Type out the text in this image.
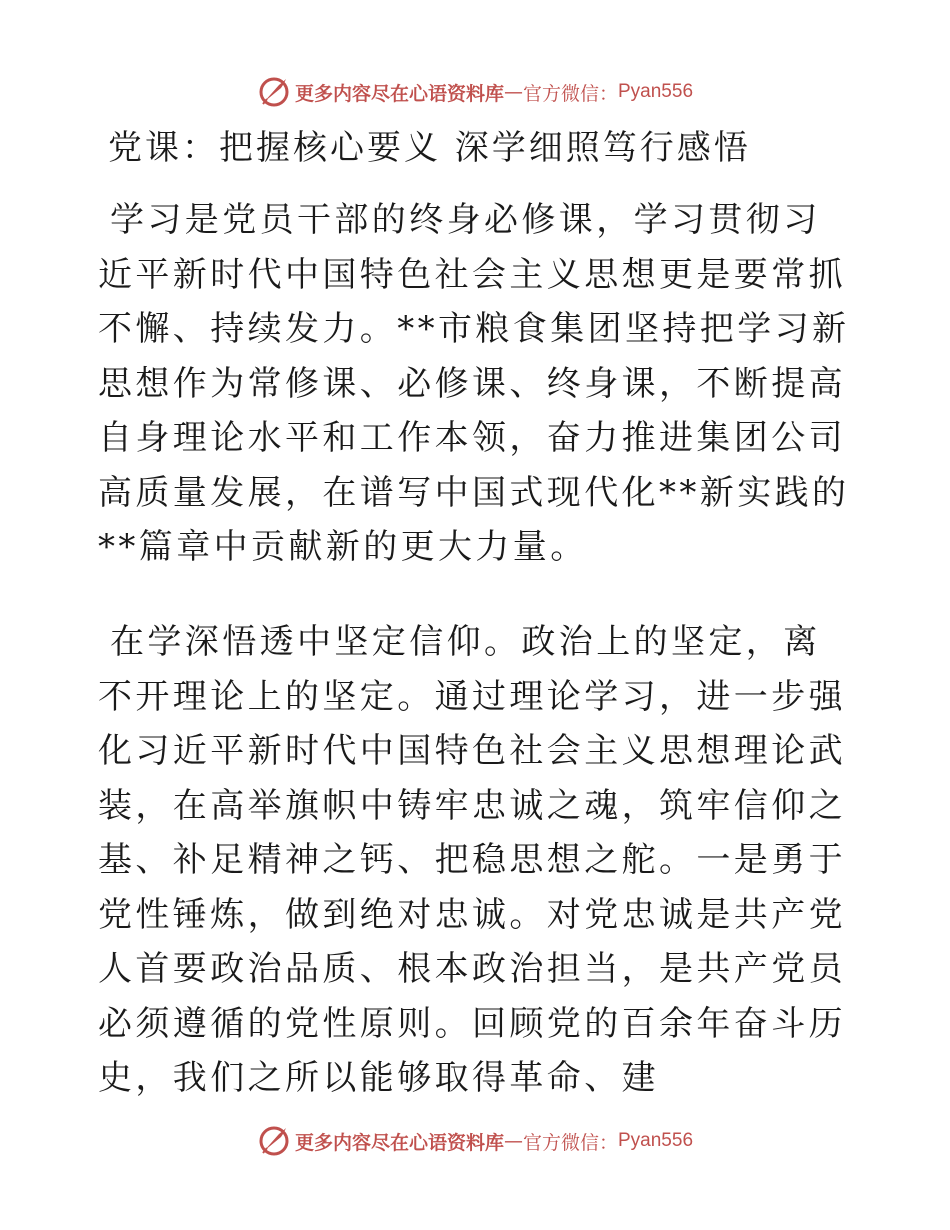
更多内容尽在心语资料库 — 官方微信： Pyan556
党课：把握核心要义 深学细照笃行感悟
学习是党员干部的终身必修课，学习贯彻习近平新时代中国特色社会主义思想更是要常抓不懈、持续发力。**市粮食集团坚持把学习新思想作为常修课、必修课、终身课，不断提高自身理论水平和工作本领，奋力推进集团公司高质量发展，在谱写中国式现代化**新实践的**篇章中贡献新的更大力量。
在学深悟透中坚定信仰。政治上的坚定，离不开理论上的坚定。通过理论学习，进一步强化习近平新时代中国特色社会主义思想理论武装，在高举旗帜中铸牢忠诚之魂，筑牢信仰之基、补足精神之钙、把稳思想之舵。一是勇于党性锤炼，做到绝对忠诚。对党忠诚是共产党人首要政治品质、根本政治担当，是共产党员必须遵循的党性原则。回顾党的百余年奋斗历史，我们之所以能够取得革命、建
更多内容尽在心语资料库 — 官方微信： Pyan556
